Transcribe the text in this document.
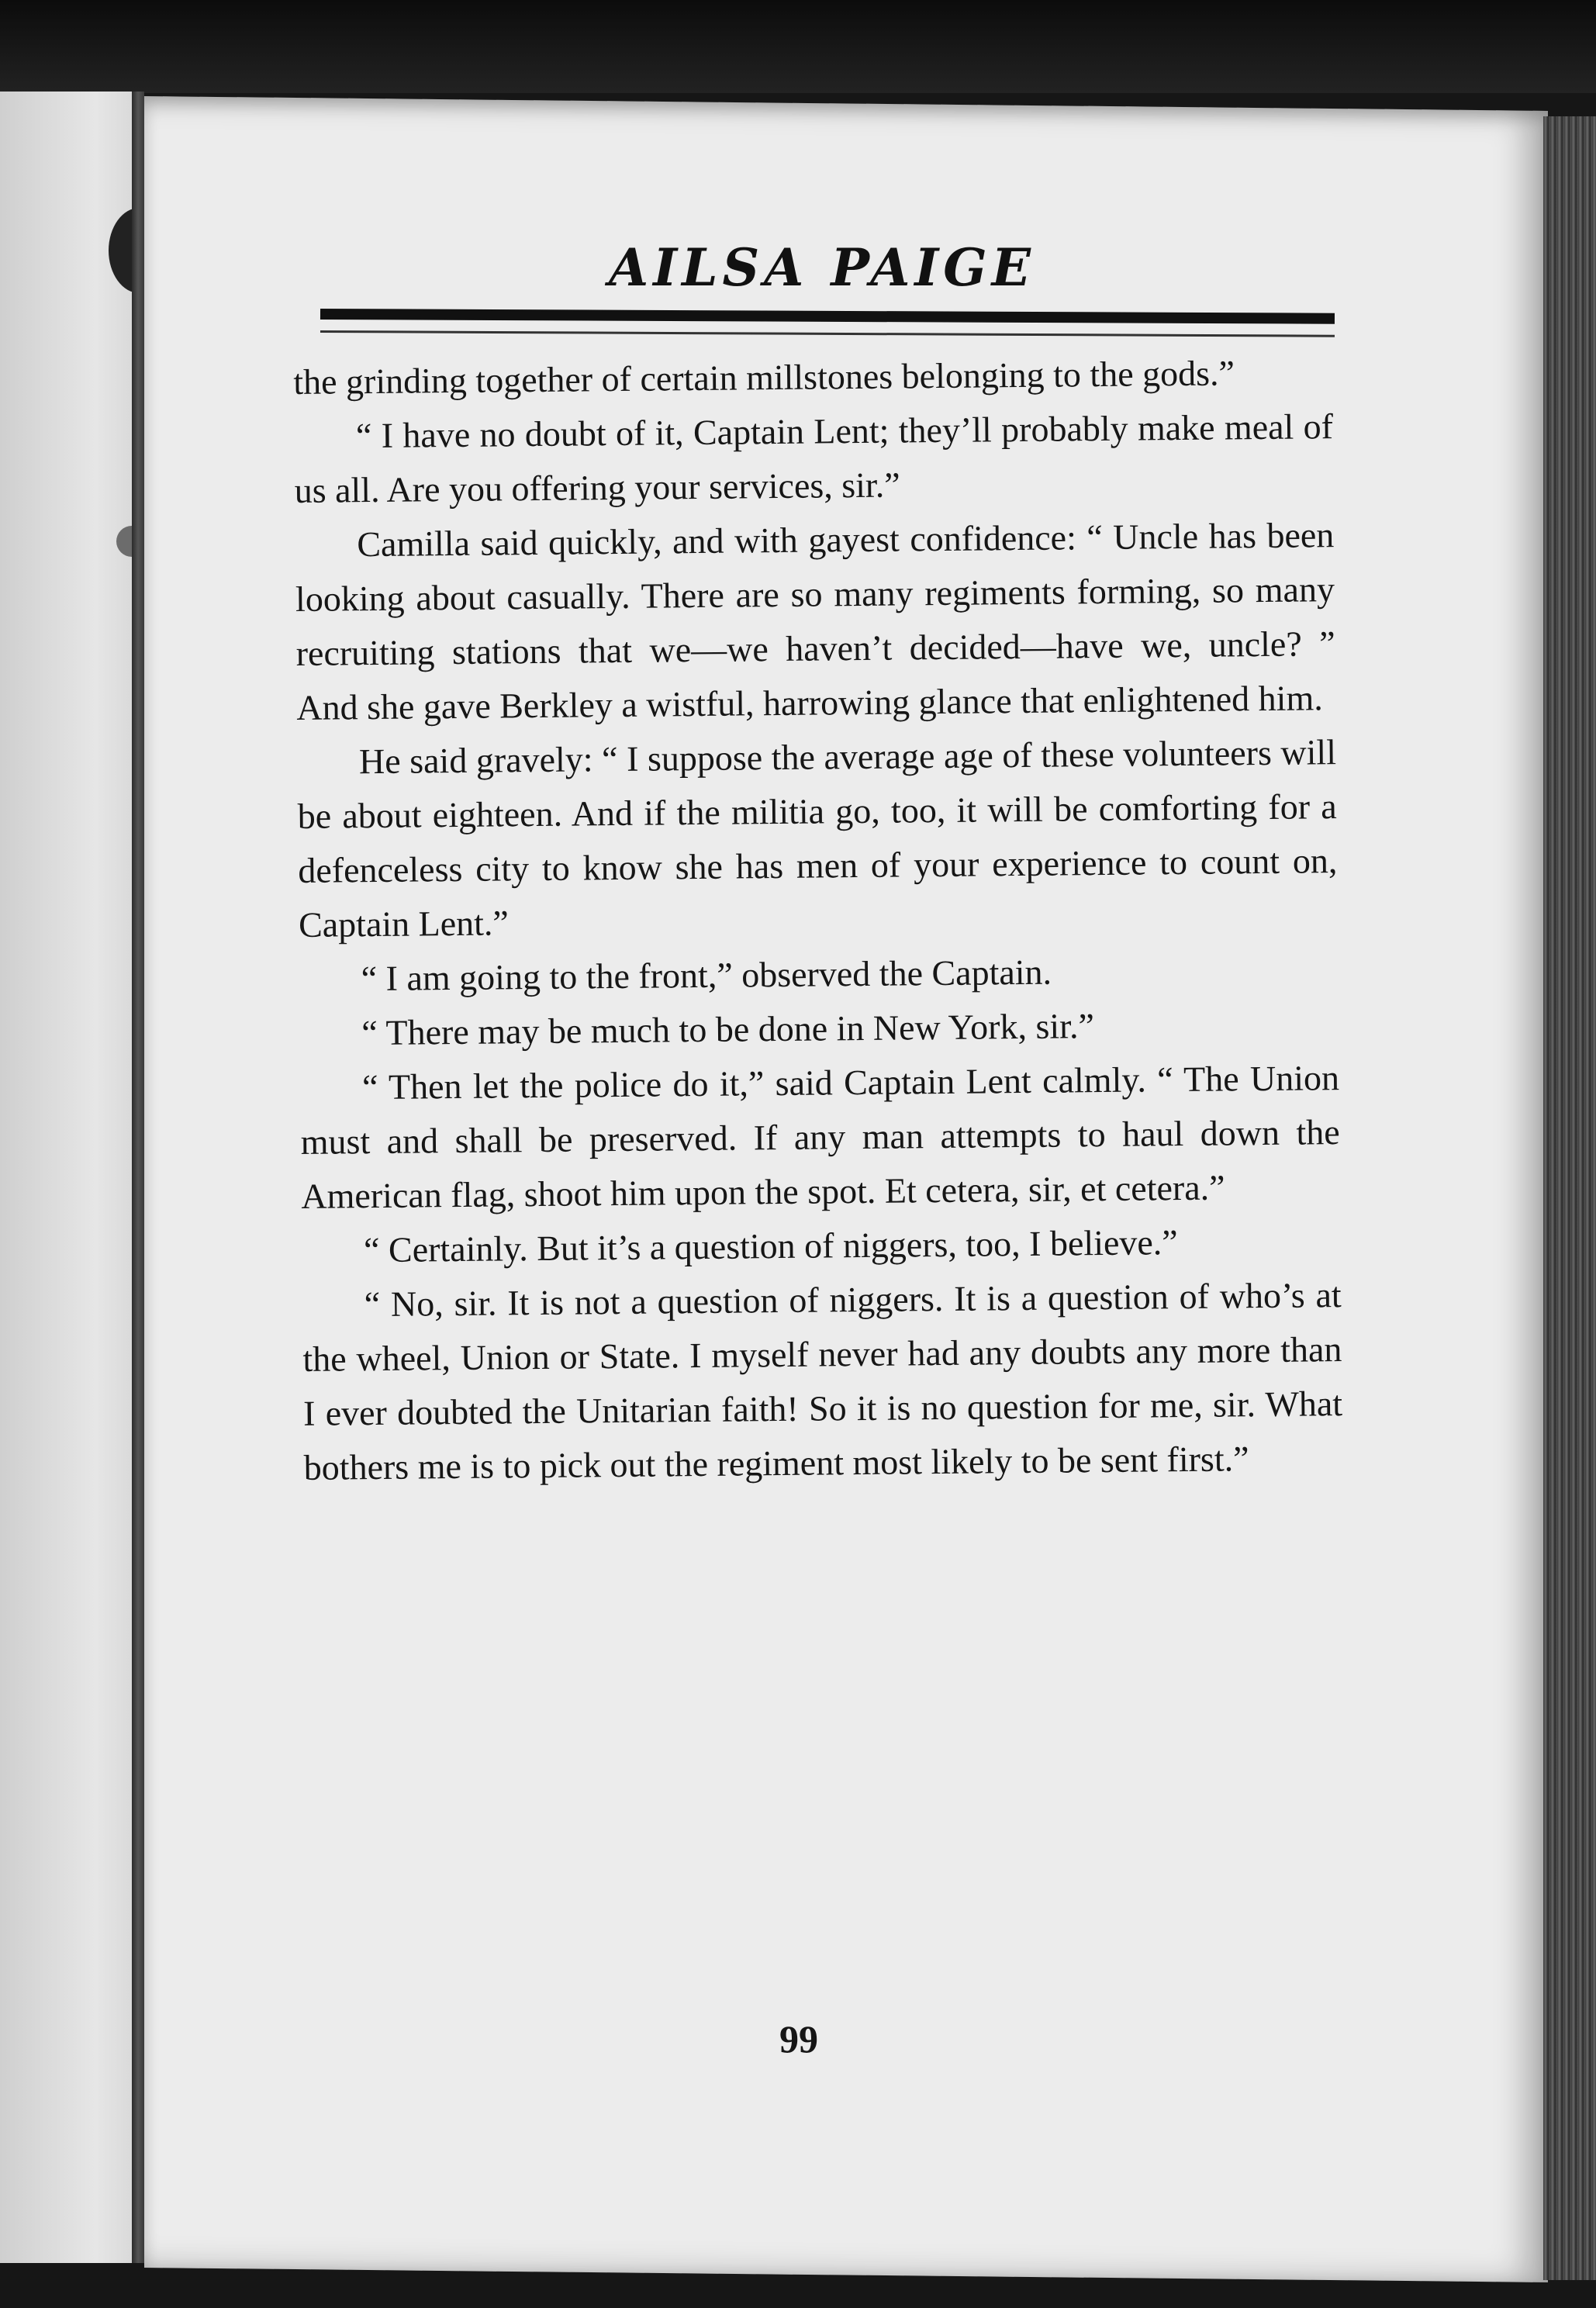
AILSA PAIGE

the grinding together of certain millstones belonging to the gods.”

“ I have no doubt of it, Captain Lent; they’ll probably make meal of us all. Are you offering your services, sir.”

Camilla said quickly, and with gayest confidence: “ Uncle has been looking about casually. There are so many regiments forming, so many recruiting stations that we—we haven’t decided—have we, uncle? ” And she gave Berkley a wistful, harrowing glance that enlightened him.

He said gravely: “ I suppose the average age of these volunteers will be about eighteen. And if the militia go, too, it will be comforting for a defenceless city to know she has men of your experience to count on, Captain Lent.”

“ I am going to the front,” observed the Captain.

“ There may be much to be done in New York, sir.”

“ Then let the police do it,” said Captain Lent calmly. “ The Union must and shall be preserved. If any man attempts to haul down the American flag, shoot him upon the spot. Et cetera, sir, et cetera.”

“ Certainly. But it’s a question of niggers, too, I believe.”

“ No, sir. It is not a question of niggers. It is a question of who’s at the wheel, Union or State. I myself never had any doubts any more than I ever doubted the Unitarian faith! So it is no question for me, sir. What bothers me is to pick out the regiment most likely to be sent first.”

99
